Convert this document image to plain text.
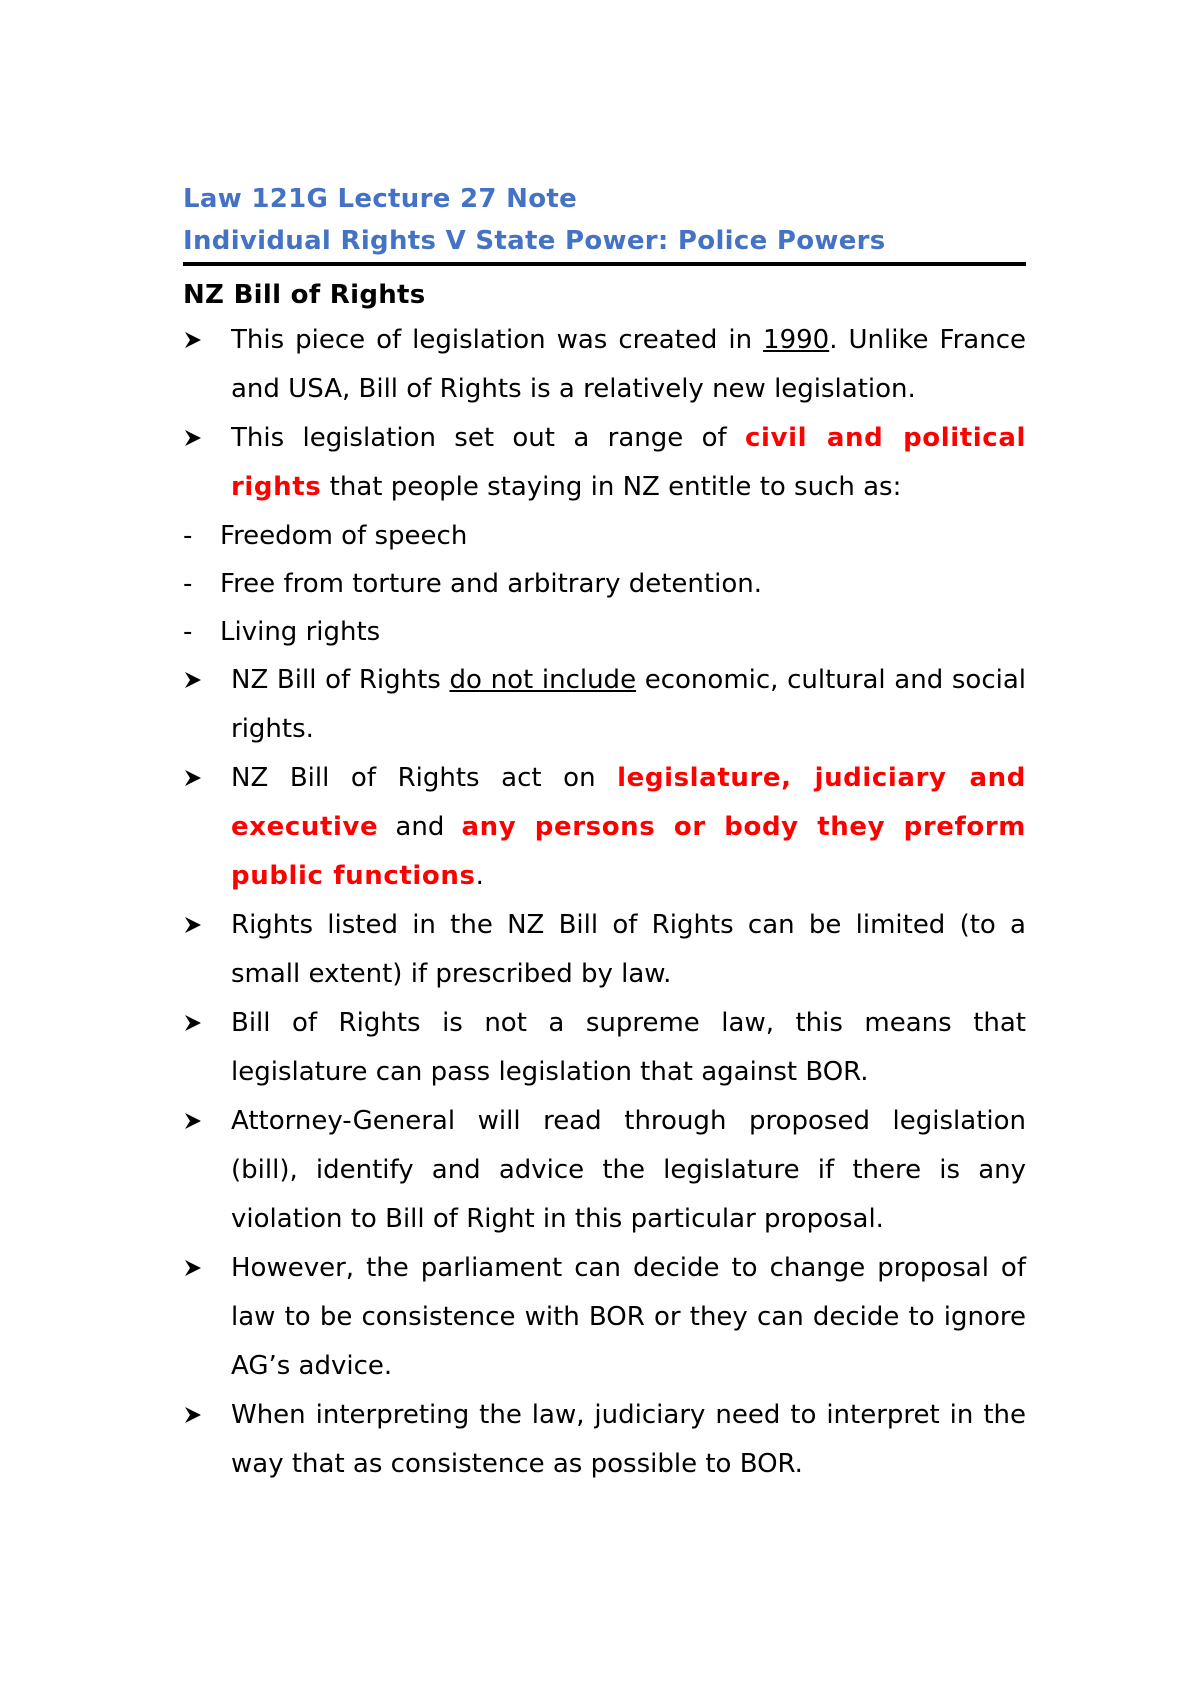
Law 121G Lecture 27 Note
Individual Rights V State Power: Police Powers
NZ Bill of Rights
This piece of legislation was created in 1990. Unlike France and USA, Bill of Rights is a relatively new legislation.
This legislation set out a range of civil and political rights that people staying in NZ entitle to such as:
- Freedom of speech
- Free from torture and arbitrary detention.
- Living rights
NZ Bill of Rights do not include economic, cultural and social rights.
NZ Bill of Rights act on legislature, judiciary and executive and any persons or body they preform public functions.
Rights listed in the NZ Bill of Rights can be limited (to a small extent) if prescribed by law.
Bill of Rights is not a supreme law, this means that legislature can pass legislation that against BOR.
Attorney-General will read through proposed legislation (bill), identify and advice the legislature if there is any violation to Bill of Right in this particular proposal.
However, the parliament can decide to change proposal of law to be consistence with BOR or they can decide to ignore AG’s advice.
When interpreting the law, judiciary need to interpret in the way that as consistence as possible to BOR.
